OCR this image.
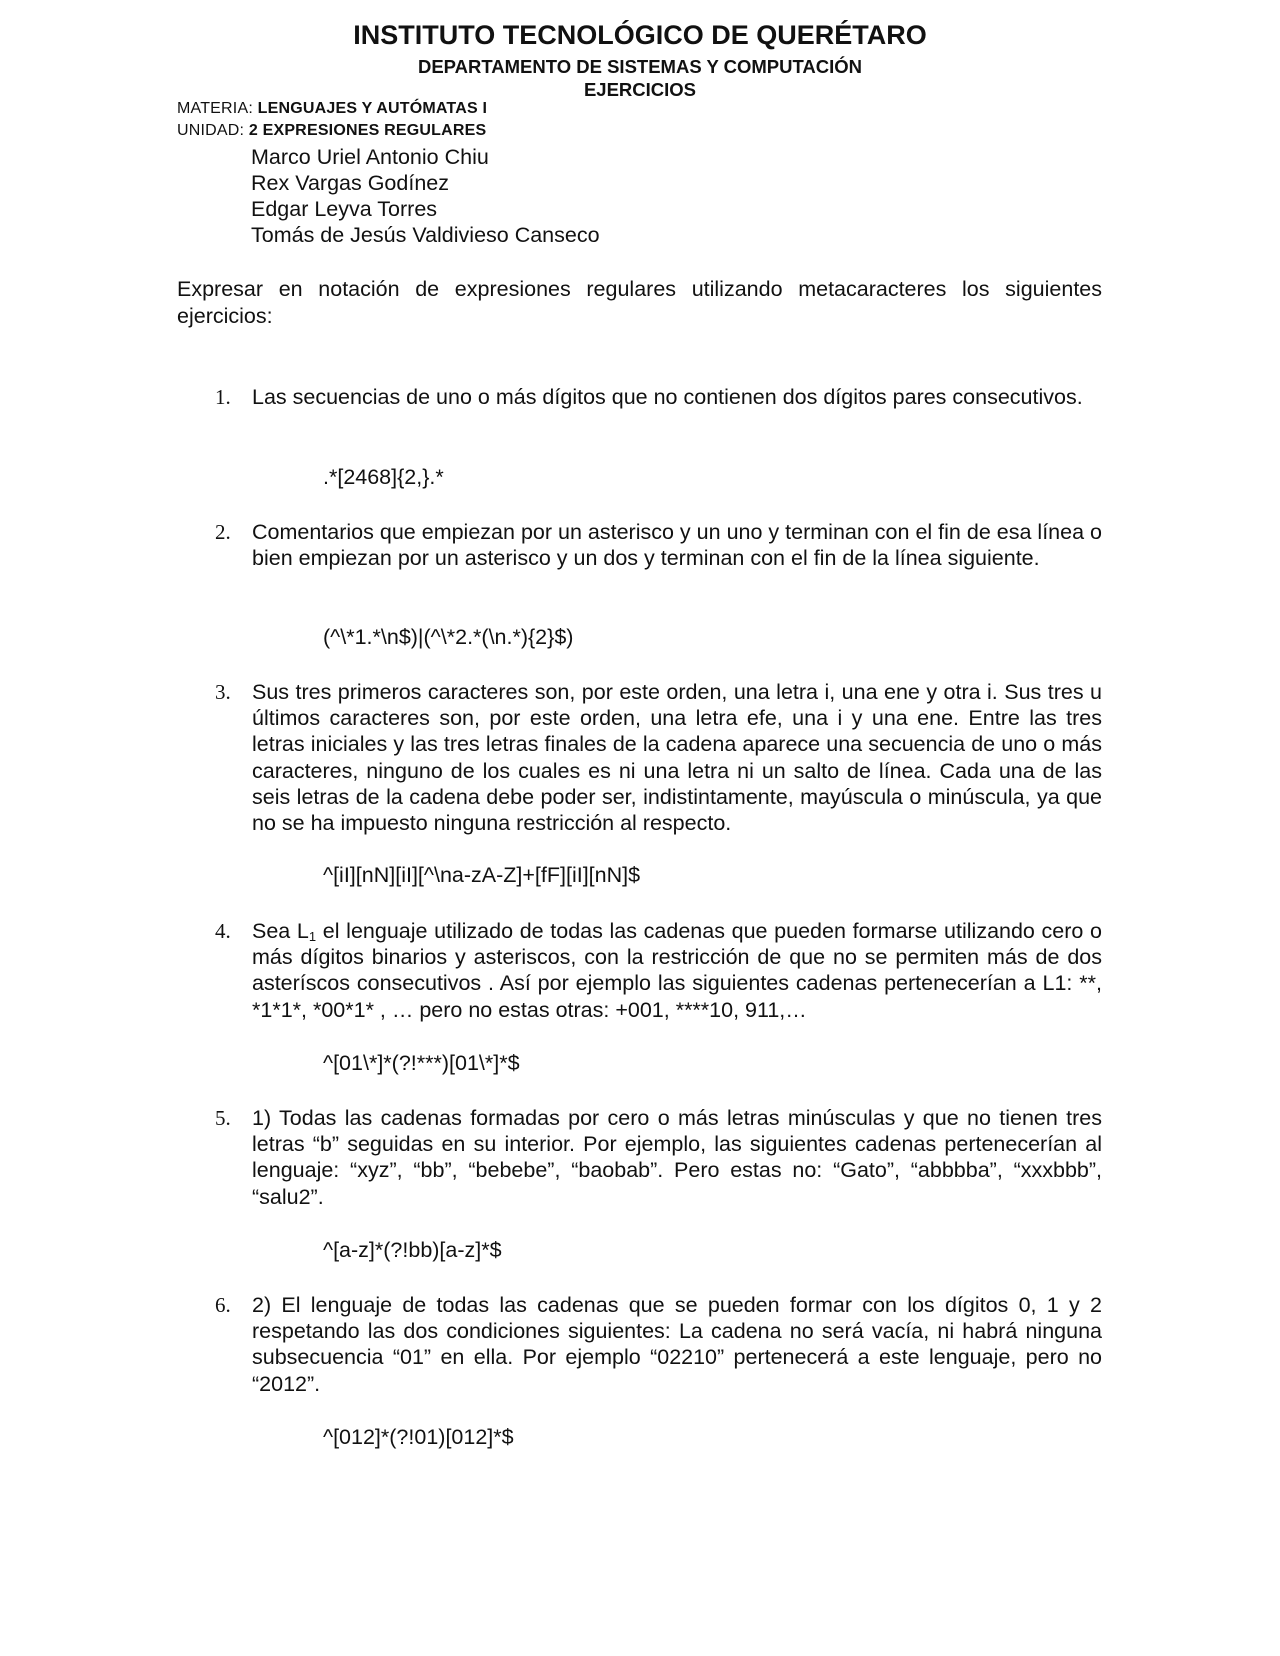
INSTITUTO TECNOLÓGICO DE QUERÉTARO
DEPARTAMENTO DE SISTEMAS Y COMPUTACIÓN
EJERCICIOS
MATERIA: LENGUAJES Y AUTÓMATAS I
UNIDAD: 2 EXPRESIONES REGULARES
Marco Uriel Antonio Chiu
Rex Vargas Godínez
Edgar Leyva Torres
Tomás de Jesús Valdivieso Canseco
Expresar en notación de expresiones regulares utilizando metacaracteres los siguientes ejercicios:
1. Las secuencias de uno o más dígitos que no contienen dos dígitos pares consecutivos.
.*[2468]{2,}.*
2. Comentarios que empiezan por un asterisco y un uno y terminan con el fin de esa línea o bien empiezan por un asterisco y un dos y terminan con el fin de la línea siguiente.
(^\*1.*\n$)|(^\*2.*(\n.*){2}$)
3. Sus tres primeros caracteres son, por este orden, una letra i, una ene y otra i. Sus tres u últimos caracteres son, por este orden, una letra efe, una i y una ene. Entre las tres letras iniciales y las tres letras finales de la cadena aparece una secuencia de uno o más caracteres, ninguno de los cuales es ni una letra ni un salto de línea. Cada una de las seis letras de la cadena debe poder ser, indistintamente, mayúscula o minúscula, ya que no se ha impuesto ninguna restricción al respecto.
^[iI][nN][iI][^\na-zA-Z]+[fF][iI][nN]$
4. Sea $L_1$ el lenguaje utilizado de todas las cadenas que pueden formarse utilizando cero o más dígitos binarios y asteriscos, con la restricción de que no se permiten más de dos asteríscos consecutivos . Así por ejemplo las siguientes cadenas pertenecerían a L1: **, *1*1*, *00*1* , … pero no estas otras: +001, ****10, 911,…
^[01\*]*(?!***)[01\*]*$
5. 1) Todas las cadenas formadas por cero o más letras minúsculas y que no tienen tres letras “b” seguidas en su interior. Por ejemplo, las siguientes cadenas pertenecerían al lenguaje: “xyz”, “bb”, “bebebe”, “baobab”. Pero estas no: “Gato”, “abbbba”, “xxxbbb”, “salu2”.
^[a-z]*(?!bb)[a-z]*$
6. 2) El lenguaje de todas las cadenas que se pueden formar con los dígitos 0, 1 y 2 respetando las dos condiciones siguientes: La cadena no será vacía, ni habrá ninguna subsecuencia “01” en ella. Por ejemplo “02210” pertenecerá a este lenguaje, pero no “2012”.
^[012]*(?!01)[012]*$
